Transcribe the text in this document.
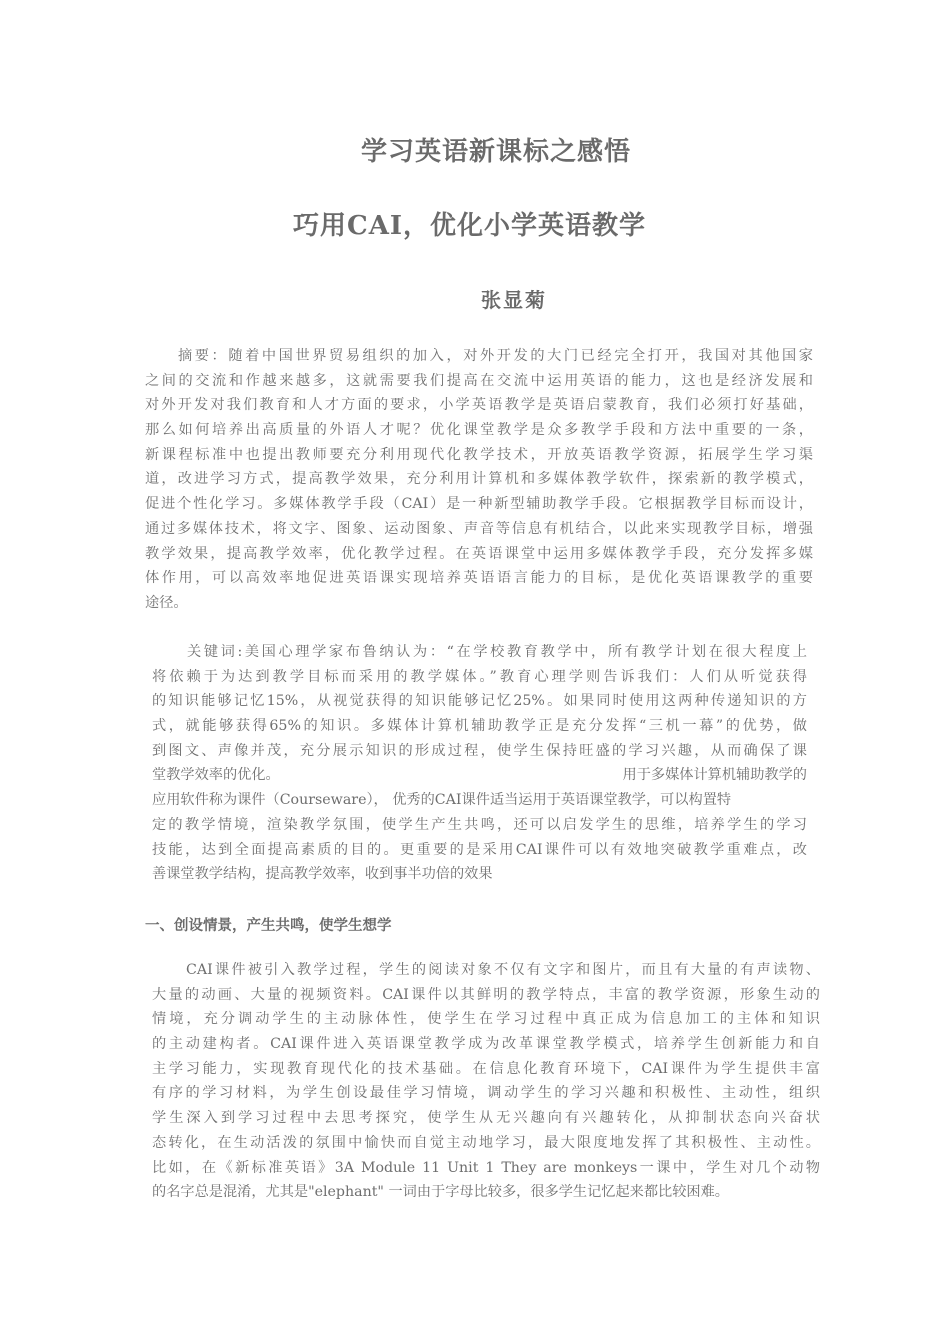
学习英语新课标之感悟
巧用CAI，优化小学英语教学
张显菊
摘要：随着中国世界贸易组织的加入，对外开发的大门已经完全打开，我国对其他国家
之间的交流和作越来越多，这就需要我们提高在交流中运用英语的能力，这也是经济发展和
对外开发对我们教育和人才方面的要求，小学英语教学是英语启蒙教育，我们必须打好基础，
那么如何培养出高质量的外语人才呢？优化课堂教学是众多教学手段和方法中重要的一条，
新课程标准中也提出教师要充分利用现代化教学技术，开放英语教学资源，拓展学生学习渠
道，改进学习方式，提高教学效果，充分利用计算机和多媒体教学软件，探索新的教学模式，
促进个性化学习。多媒体教学手段（CAI）是一种新型辅助教学手段。它根据教学目标而设计，
通过多媒体技术，将文字、图象、运动图象、声音等信息有机结合，以此来实现教学目标，增强
教学效果，提高教学效率，优化教学过程。在英语课堂中运用多媒体教学手段，充分发挥多媒
体作用，可以高效率地促进英语课实现培养英语语言能力的目标，是优化英语课教学的重要
途径。
关键词:美国心理学家布鲁纳认为：“在学校教育教学中，所有教学计划在很大程度上
将依赖于为达到教学目标而采用的教学媒体。”教育心理学则告诉我们：人们从听觉获得
的知识能够记忆15%，从视觉获得的知识能够记忆25%。如果同时使用这两种传递知识的方
式，就能够获得65%的知识。多媒体计算机辅助教学正是充分发挥“三机一幕”的优势，做
到图文、声像并茂，充分展示知识的形成过程，使学生保持旺盛的学习兴趣，从而确保了课
堂教学效率的优化。	用于多媒体计算机辅助教学的
应用软件称为课件（Courseware）， 优秀的CAI课件适当运用于英语课堂教学，可以构置特
定的教学情境，渲染教学氛围，使学生产生共鸣，还可以启发学生的思维，培养学生的学习
技能，达到全面提高素质的目的。更重要的是采用CAI课件可以有效地突破教学重难点，改
善课堂教学结构，提高教学效率，收到事半功倍的效果
一、创设情景，产生共鸣，使学生想学
CAI课件被引入教学过程，学生的阅读对象不仅有文字和图片，而且有大量的有声读物、
大量的动画、大量的视频资料。CAI课件以其鲜明的教学特点，丰富的教学资源，形象生动的
情境，充分调动学生的主动脉体性，使学生在学习过程中真正成为信息加工的主体和知识
的主动建构者。CAI课件进入英语课堂教学成为改革课堂教学模式，培养学生创新能力和自
主学习能力，实现教育现代化的技术基础。在信息化教育环境下，CAI课件为学生提供丰富
有序的学习材料，为学生创设最佳学习情境，调动学生的学习兴趣和积极性、主动性，组织
学生深入到学习过程中去思考探究，使学生从无兴趣向有兴趣转化，从抑制状态向兴奋状
态转化，在生动活泼的氛围中愉快而自觉主动地学习，最大限度地发挥了其积极性、主动性。
比如，在《新标准英语》3A Module 11 Unit 1 They are monkeys一课中，学生对几个动物
的名字总是混淆，尤其是"elephant" 一词由于字母比较多，很多学生记忆起来都比较困难。
